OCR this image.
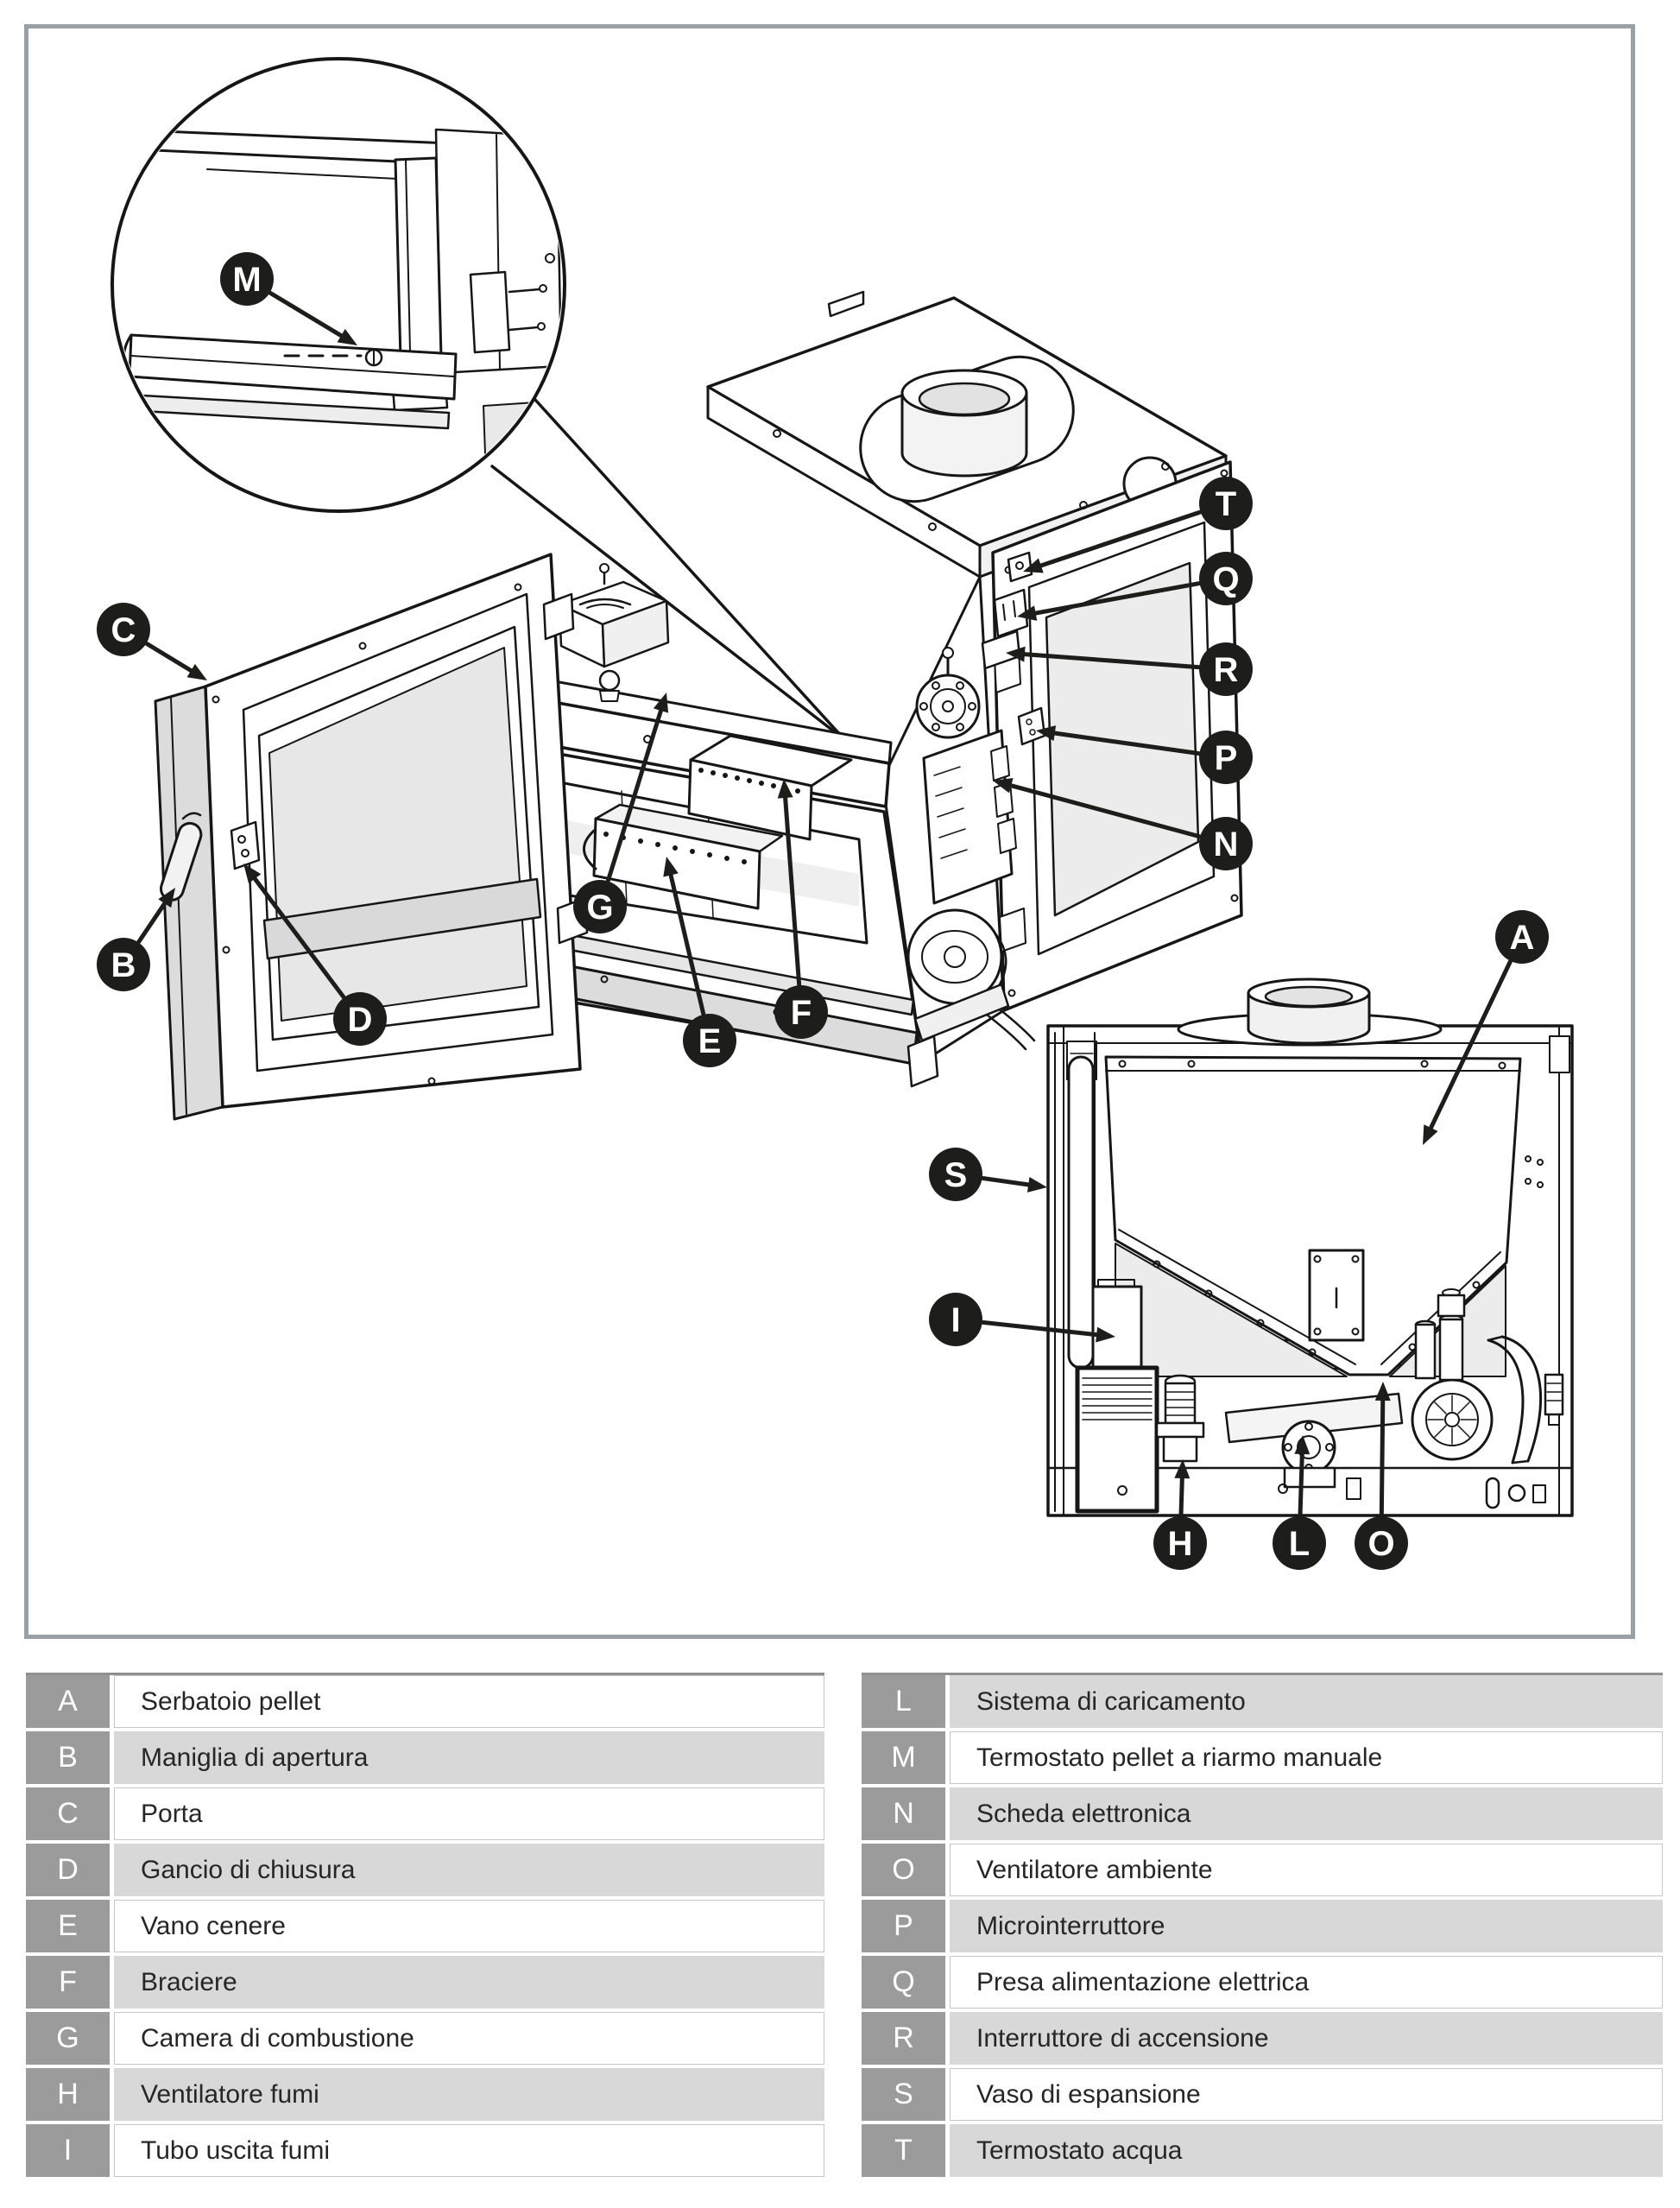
M
C
B
D
G
E
F
T
Q
R
P
N
A
S
I
H	L O
A	Serbatoio pellet
B	Maniglia di apertura
C	Porta
D	Gancio di chiusura
E	Vano cenere
F	Braciere
G	Camera di combustione
H	Ventilatore fumi
I	Tubo uscita fumi
L	Sistema di caricamento
M	Termostato pellet a riarmo manuale
N	Scheda elettronica
O	Ventilatore ambiente
P	Microinterruttore
Q	Presa alimentazione elettrica
R	Interruttore di accensione
S	Vaso di espansione
T	Termostato acqua
